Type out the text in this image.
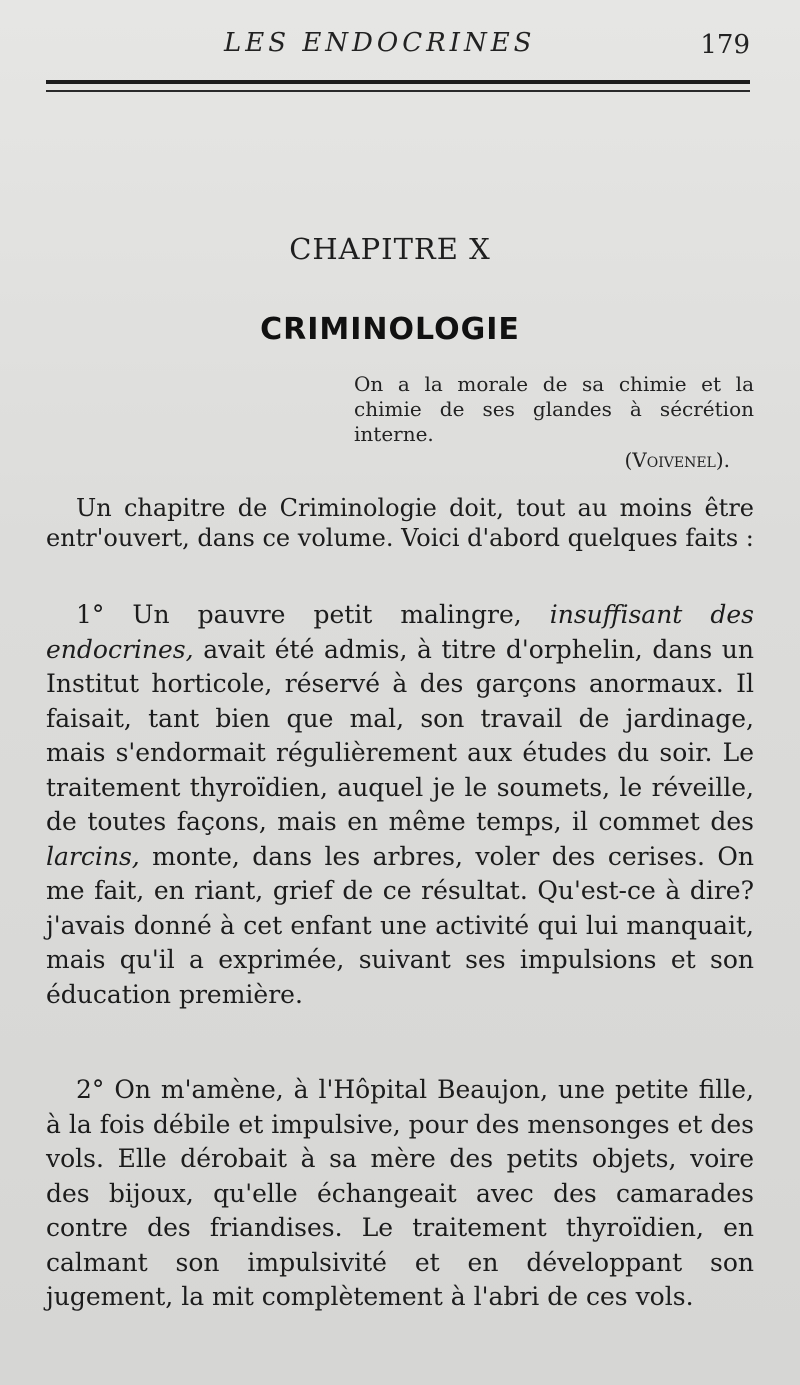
LES ENDOCRINES	179
CHAPITRE X
CRIMINOLOGIE
On a la morale de sa chimie et la chimie de ses glandes à sécrétion interne.
(Voivenel).

Un chapitre de Criminologie doit, tout au moins être entr'ouvert, dans ce volume. Voici d'abord quelques faits :

1° Un pauvre petit malingre, insuffisant des endocrines, avait été admis, à titre d'orphelin, dans un Institut horticole, réservé à des garçons anormaux. Il faisait, tant bien que mal, son travail de jardinage, mais s'endormait régulièrement aux études du soir. Le traitement thyroïdien, auquel je le soumets, le réveille, de toutes façons, mais en même temps, il commet des larcins, monte, dans les arbres, voler des cerises. On me fait, en riant, grief de ce résultat. Qu'est-ce à dire? j'avais donné à cet enfant une activité qui lui manquait, mais qu'il a exprimée, suivant ses impulsions et son éducation première.

2° On m'amène, à l'Hôpital Beaujon, une petite fille, à la fois débile et impulsive, pour des mensonges et des vols. Elle dérobait à sa mère des petits objets, voire des bijoux, qu'elle échangeait avec des camarades contre des friandises. Le traitement thyroïdien, en calmant son impulsivité et en développant son jugement, la mit complètement à l'abri de ces vols.
